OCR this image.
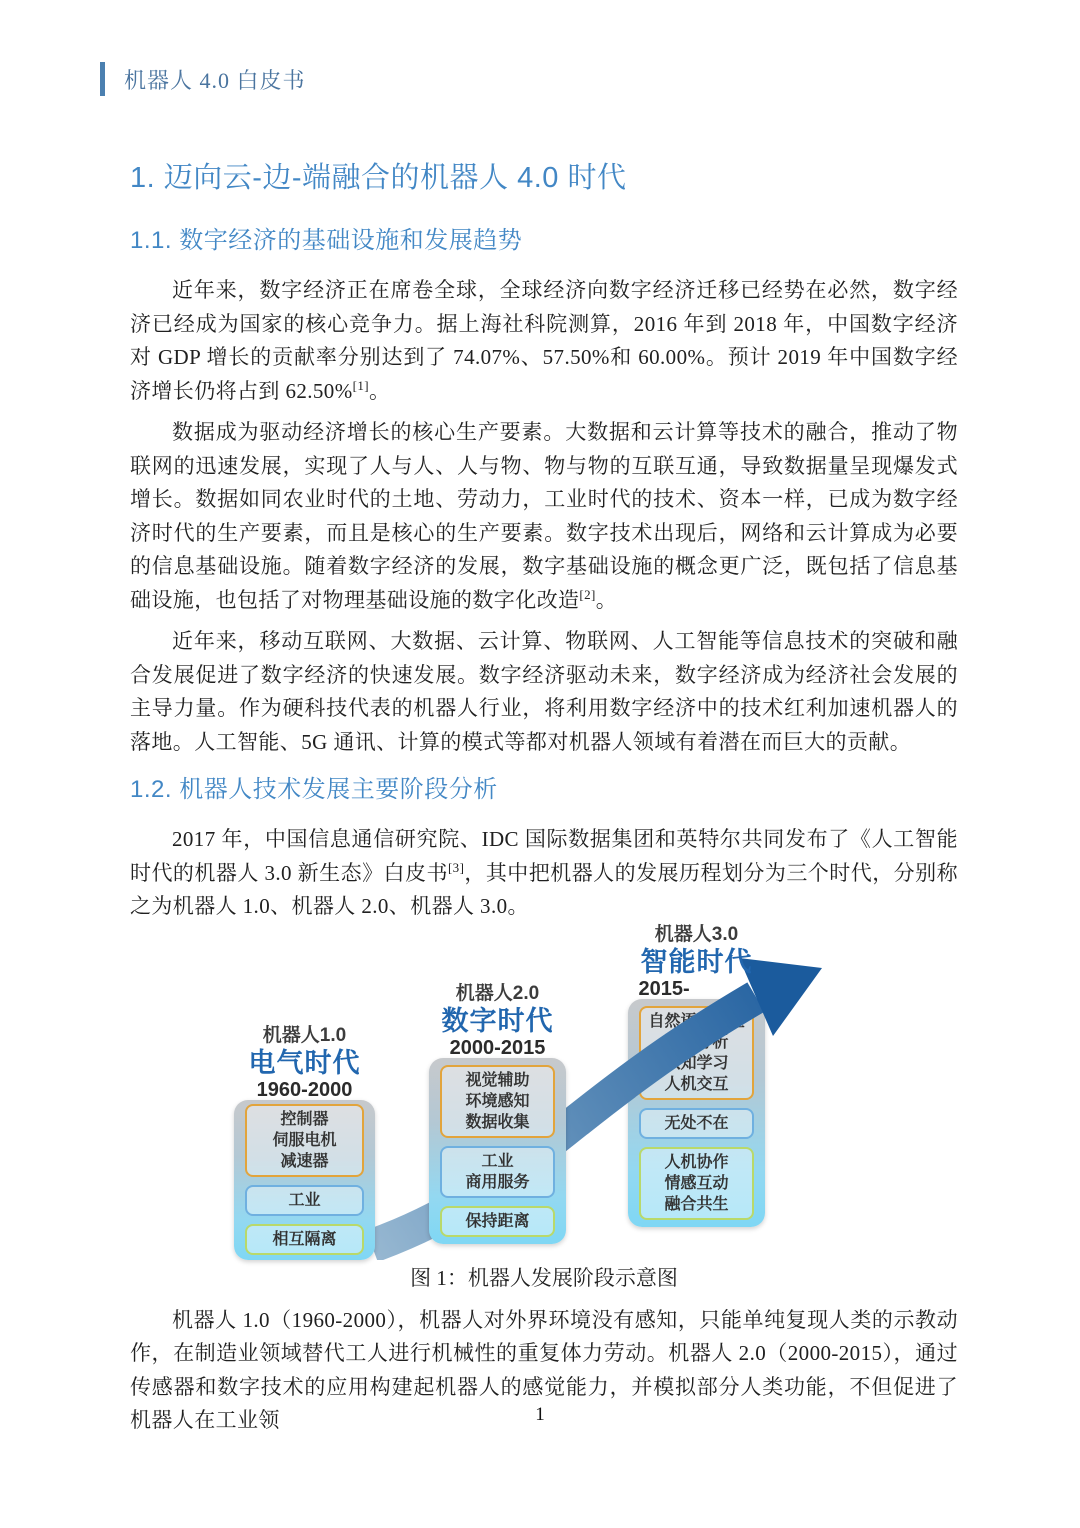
机器人 4.0 白皮书
1. 迈向云-边-端融合的机器人 4.0 时代
1.1. 数字经济的基础设施和发展趋势

近年来，数字经济正在席卷全球，全球经济向数字经济迁移已经势在必然，数字经济已经成为国家的核心竞争力。据上海社科院测算，2016 年到 2018 年，中国数字经济对 GDP 增长的贡献率分别达到了 74.07%、57.50%和 60.00%。预计 2019 年中国数字经济增长仍将占到 62.50%[1]。

数据成为驱动经济增长的核心生产要素。大数据和云计算等技术的融合，推动了物联网的迅速发展，实现了人与人、人与物、物与物的互联互通，导致数据量呈现爆发式增长。数据如同农业时代的土地、劳动力，工业时代的技术、资本一样，已成为数字经济时代的生产要素，而且是核心的生产要素。数字技术出现后，网络和云计算成为必要的信息基础设施。随着数字经济的发展，数字基础设施的概念更广泛，既包括了信息基础设施，也包括了对物理基础设施的数字化改造[2]。

近年来，移动互联网、大数据、云计算、物联网、人工智能等信息技术的突破和融合发展促进了数字经济的快速发展。数字经济驱动未来，数字经济成为经济社会发展的主导力量。作为硬科技代表的机器人行业，将利用数字经济中的技术红利加速机器人的落地。人工智能、5G 通讯、计算的模式等都对机器人领域有着潜在而巨大的贡献。

1.2. 机器人技术发展主要阶段分析

2017 年，中国信息通信研究院、IDC 国际数据集团和英特尔共同发布了《人工智能时代的机器人 3.0 新生态》白皮书[3]，其中把机器人的发展历程划分为三个时代，分别称之为机器人 1.0、机器人 2.0、机器人 3.0。

控制器
伺服电机
减速器
工业
相互隔离
机器人1.0
电气时代
1960-2000	视觉辅助
环境感知
数据收集
工业
商用服务
保持距离
机器人2.0
数字时代
2000-2015
自然语音处理
数据分析
认知学习
人机交互
无处不在
人机协作
情感互动
融合共生
机器人3.0
智能时代
2015-
图 1：机器人发展阶段示意图

机器人 1.0（1960-2000），机器人对外界环境没有感知，只能单纯复现人类的示教动作，在制造业领域替代工人进行机械性的重复体力劳动。机器人 2.0（2000-2015），通过传感器和数字技术的应用构建起机器人的感觉能力，并模拟部分人类功能，不但促进了机器人在工业领	1
